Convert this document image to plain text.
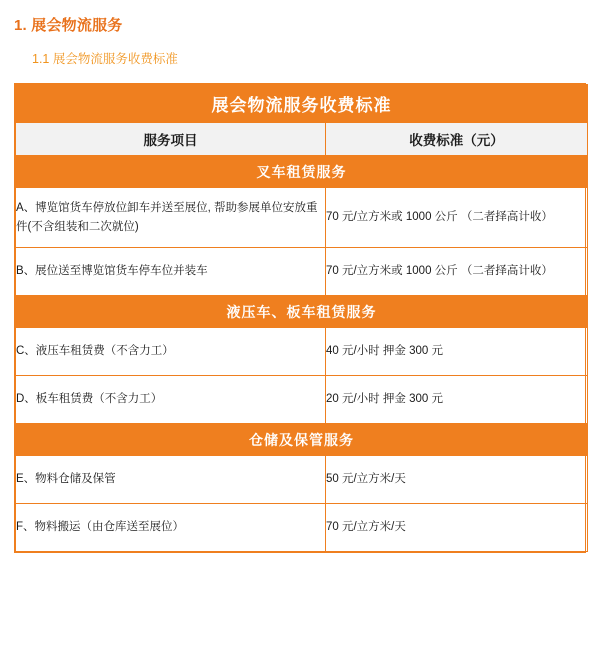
1. 展会物流服务
1.1 展会物流服务收费标准
展会物流服务收费标准	
服务项目	收费标准（元）
叉车租赁服务	
A、博览馆货车停放位卸车并送至展位, 帮助参展单位安放重件(不含组装和二次就位)	70 元/立方米或 1000 公斤 （二者择高计收）
B、展位送至博览馆货车停车位并装车	70 元/立方米或 1000 公斤 （二者择高计收）
液压车、板车租赁服务	
C、液压车租赁费（不含力工）	40 元/小时 押金 300 元
D、板车租赁费（不含力工）	20 元/小时 押金 300 元
仓储及保管服务	
E、物料仓储及保管	50 元/立方米/天
F、物料搬运（由仓库送至展位）	70 元/立方米/天
